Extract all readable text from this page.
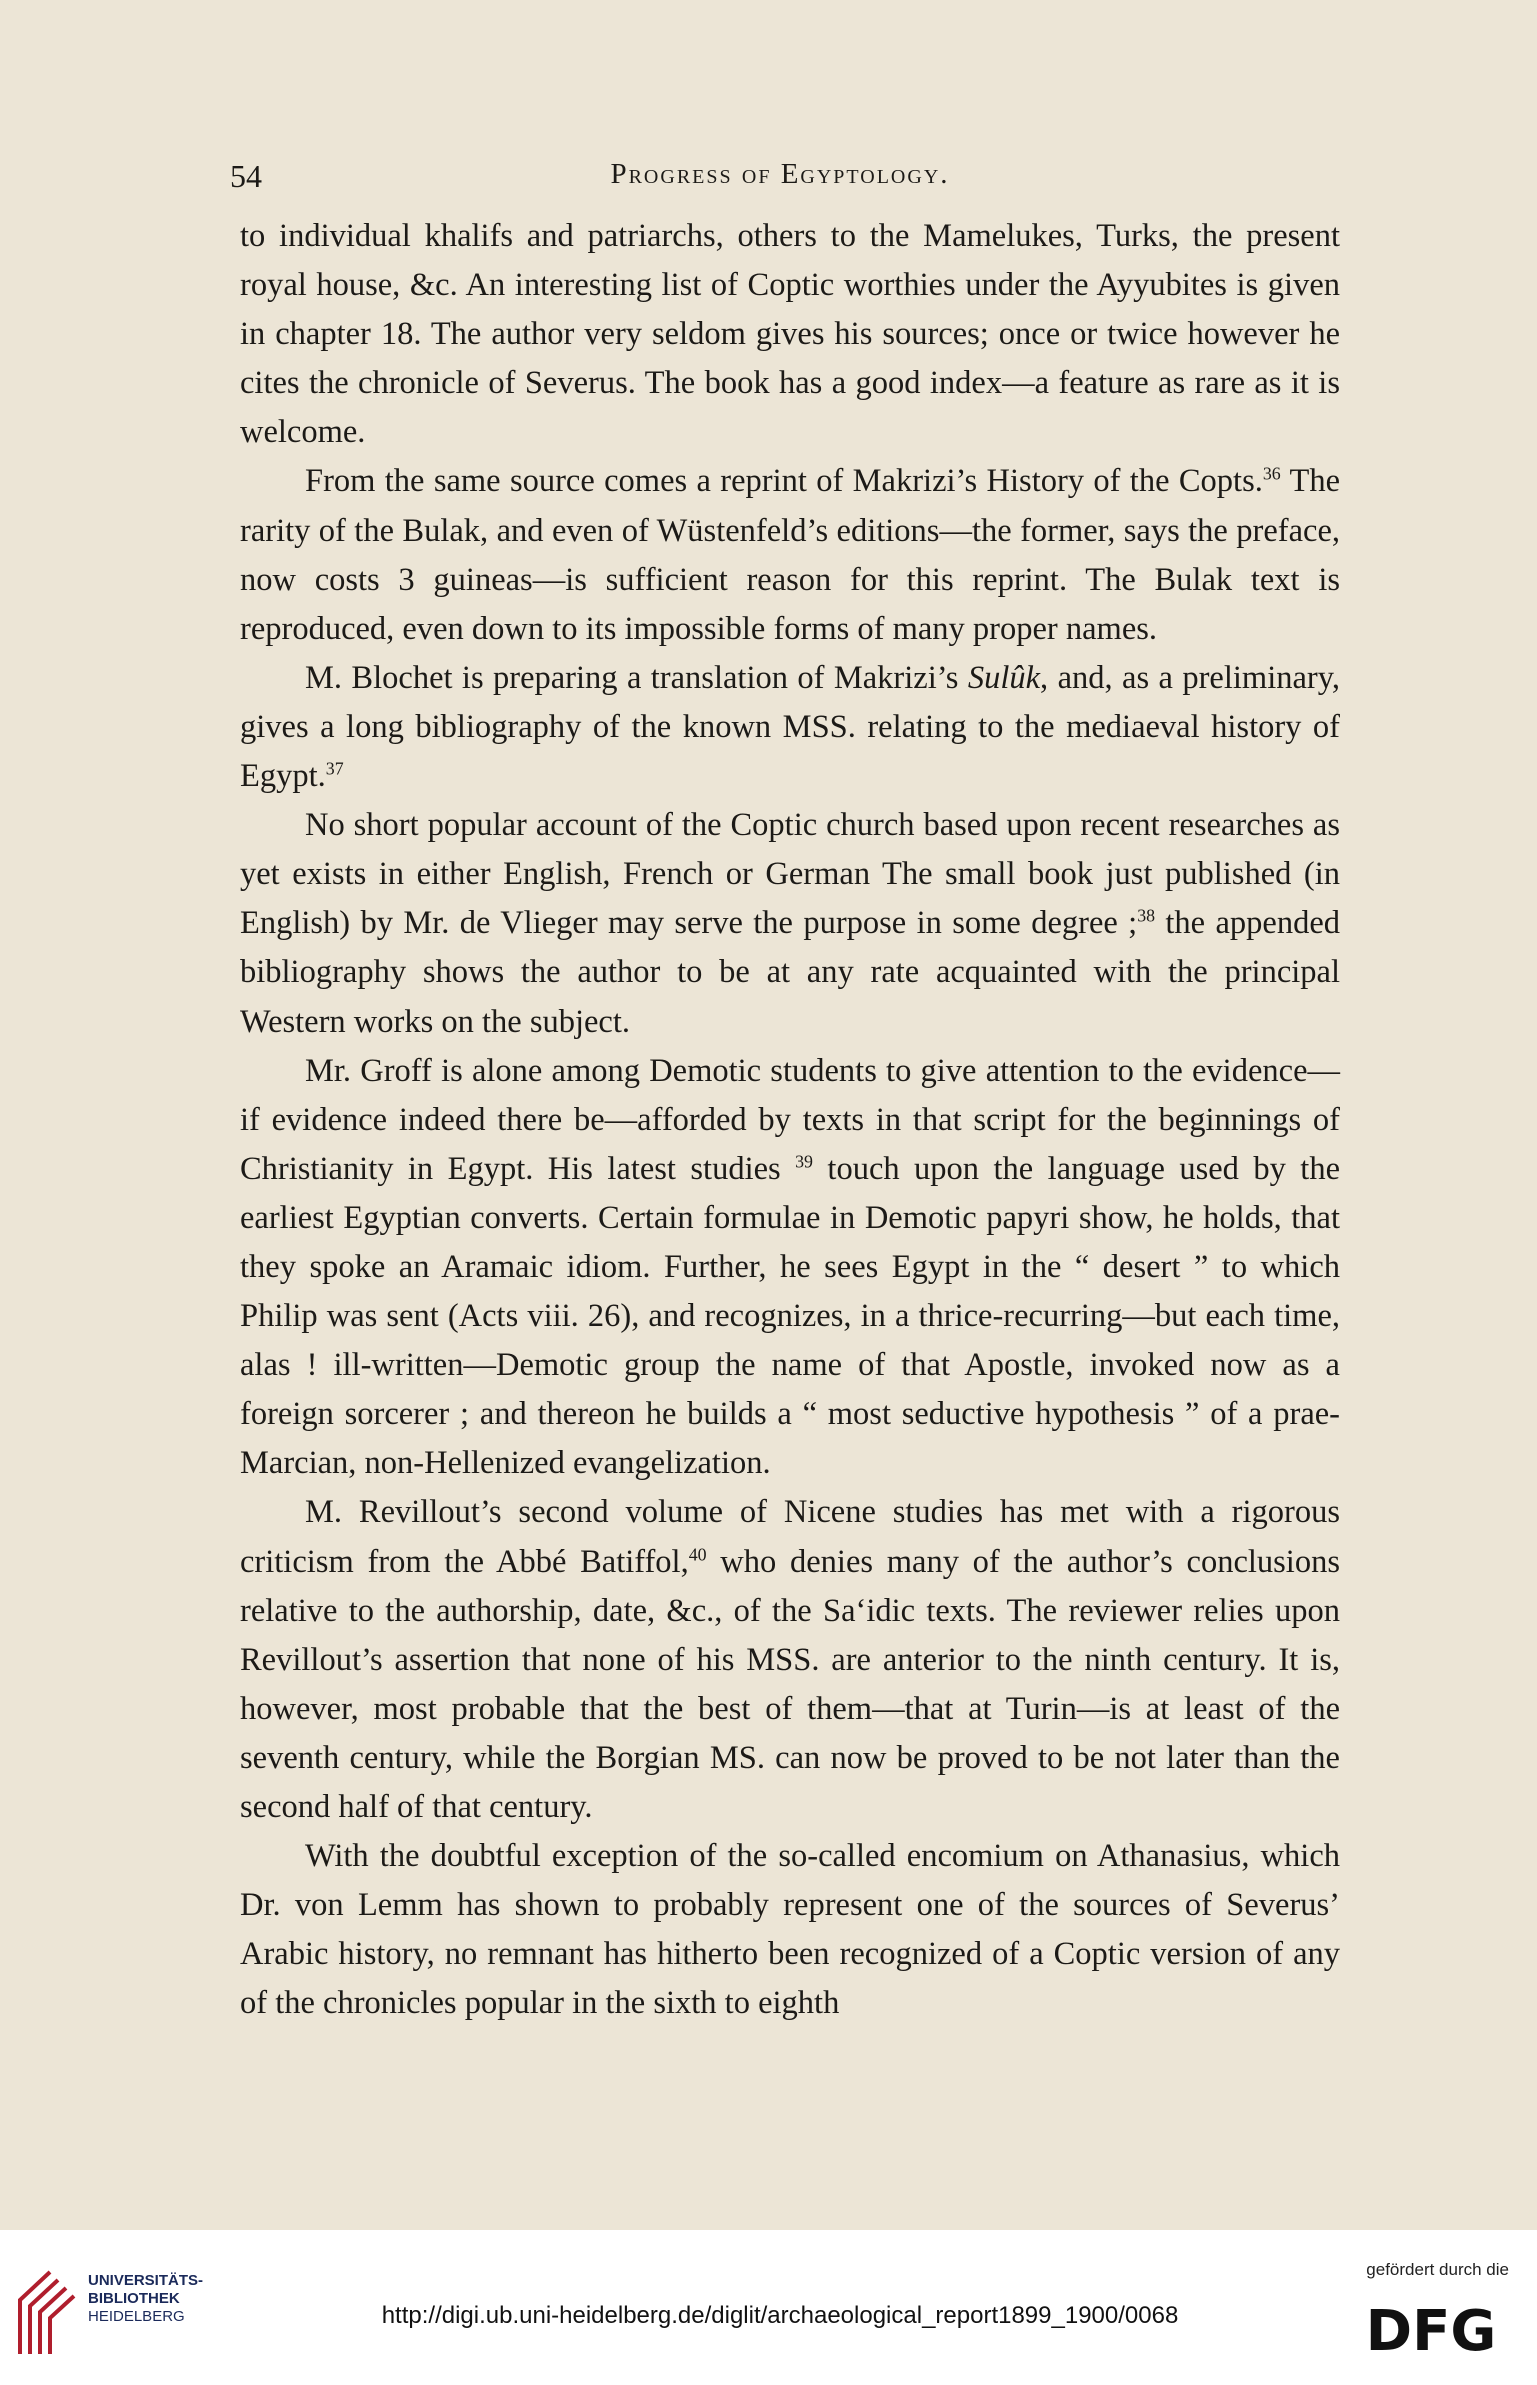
54	Progress of Egyptology.

to individual khalifs and patriarchs, others to the Mamelukes, Turks, the present royal house, &c. An interesting list of Coptic worthies under the Ayyubites is given in chapter 18. The author very seldom gives his sources; once or twice however he cites the chronicle of Severus. The book has a good index—a feature as rare as it is welcome.

From the same source comes a reprint of Makrizi’s History of the Copts.$^{36}$ The rarity of the Bulak, and even of Wüstenfeld’s editions—the former, says the preface, now costs 3 guineas—is sufficient reason for this reprint. The Bulak text is reproduced, even down to its impossible forms of many proper names.

M. Blochet is preparing a translation of Makrizi’s Sulûk, and, as a preliminary, gives a long bibliography of the known MSS. relating to the mediaeval history of Egypt.$^{37}$

No short popular account of the Coptic church based upon recent researches as yet exists in either English, French or German The small book just published (in English) by Mr. de Vlieger may serve the purpose in some degree ;$^{38}$ the appended bibliography shows the author to be at any rate acquainted with the principal Western works on the subject.

Mr. Groff is alone among Demotic students to give attention to the evidence—if evidence indeed there be—afforded by texts in that script for the beginnings of Christianity in Egypt. His latest studies $^{39}$ touch upon the language used by the earliest Egyptian converts. Certain formulae in Demotic papyri show, he holds, that they spoke an Aramaic idiom. Further, he sees Egypt in the “ desert ” to which Philip was sent (Acts viii. 26), and recognizes, in a thrice-recurring—but each time, alas ! ill-written—Demotic group the name of that Apostle, invoked now as a foreign sorcerer ; and thereon he builds a “ most seductive hypothesis ” of a prae-Marcian, non-Hellenized evangelization.

M. Revillout’s second volume of Nicene studies has met with a rigorous criticism from the Abbé Batiffol,$^{40}$ who denies many of the author’s conclusions relative to the authorship, date, &c., of the Sa‘idic texts. The reviewer relies upon Revillout’s assertion that none of his MSS. are anterior to the ninth century. It is, however, most probable that the best of them—that at Turin—is at least of the seventh century, while the Borgian MS. can now be proved to be not later than the second half of that century.

With the doubtful exception of the so-called encomium on Athanasius, which Dr. von Lemm has shown to probably represent one of the sources of Severus’ Arabic history, no remnant has hitherto been recognized of a Coptic version of any of the chronicles popular in the sixth to eighth

UNIVERSITÄTS-
BIBLIOTHEK
HEIDELBERG	http://digi.ub.uni-heidelberg.de/diglit/archaeological_report1899_1900/0068
gefördert durch die
DFG
